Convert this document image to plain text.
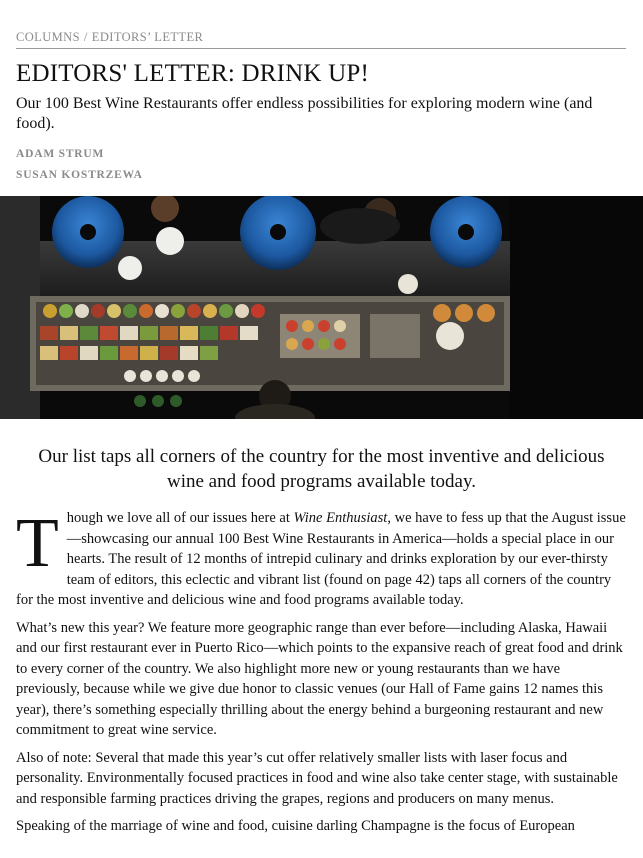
COLUMNS / EDITORS’ LETTER
EDITORS' LETTER: DRINK UP!

Our 100 Best Wine Restaurants offer endless possibilities for exploring modern wine (and food).

ADAM STRUM
SUSAN KOSTRZEWA

Our list taps all corners of the country for the most inventive and delicious wine and food programs available today.

Though we love all of our issues here at Wine Enthusiast, we have to fess up that the August issue—showcasing our annual 100 Best Wine Restaurants in America—holds a special place in our hearts. The result of 12 months of intrepid culinary and drinks exploration by our ever-thirsty team of editors, this eclectic and vibrant list (found on page 42) taps all corners of the country for the most inventive and delicious wine and food programs available today.

What’s new this year? We feature more geographic range than ever before—including Alaska, Hawaii and our first restaurant ever in Puerto Rico—which points to the expansive reach of great food and drink to every corner of the country. We also highlight more new or young restaurants than we have previously, because while we give due honor to classic venues (our Hall of Fame gains 12 names this year), there’s something especially thrilling about the energy behind a burgeoning restaurant and new commitment to great wine service.

Also of note: Several that made this year’s cut offer relatively smaller lists with laser focus and personality. Environmentally focused practices in food and wine also take center stage, with sustainable and responsible farming practices driving the grapes, regions and producers on many menus.

Speaking of the marriage of wine and food, cuisine darling Champagne is the focus of European
